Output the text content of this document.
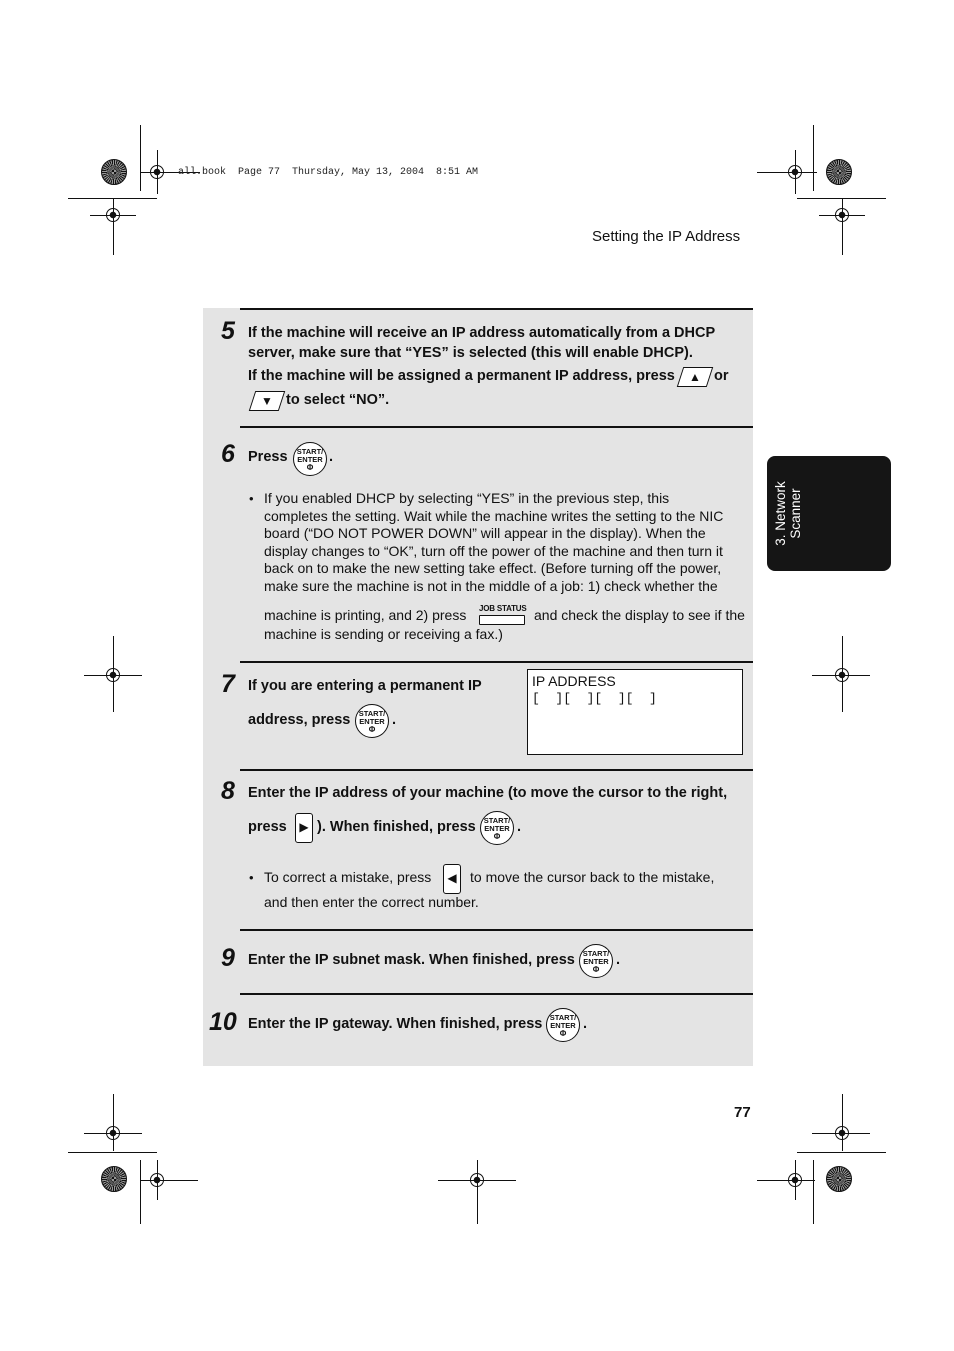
all.book  Page 77  Thursday, May 13, 2004  8:51 AM
Setting the IP Address
3. Network Scanner
5 If the machine will receive an IP address automatically from a DHCP
server, make sure that “YES” is selected (this will enable DHCP).
If the machine will be assigned a permanent IP address, press	▲ or
▼ to select “NO”.
6 Press	START/
ENTER
Φ
.
• If you enabled DHCP by selecting “YES” in the previous step, this
completes the setting. Wait while the machine writes the setting to the NIC
board (“DO NOT POWER DOWN” will appear in the display). When the
display changes to “OK”, turn off the power of the machine and then turn it
back on to make the new setting take effect. (Before turning off the power,
make sure the machine is not in the middle of a job: 1) check whether the
machine is printing, and 2) press JOB STATUS and check the display to see if the
machine is sending or receiving a fax.)
7 If you are entering a permanent IP
address, press	START/
ENTER
Φ
.
IP ADDRESS
[  ][  ][  ][  ]
8 Enter the IP address of your machine (to move the cursor to the right,
press ▶ ). When finished, press	START/
ENTER
Φ
.
• To correct a mistake, press ◀ to move the cursor back to the mistake,
and then enter the correct number.
9 Enter the IP subnet mask. When finished, press	START/
ENTER
Φ
.
10 Enter the IP gateway. When finished, press START/
ENTER
Φ
.
77
